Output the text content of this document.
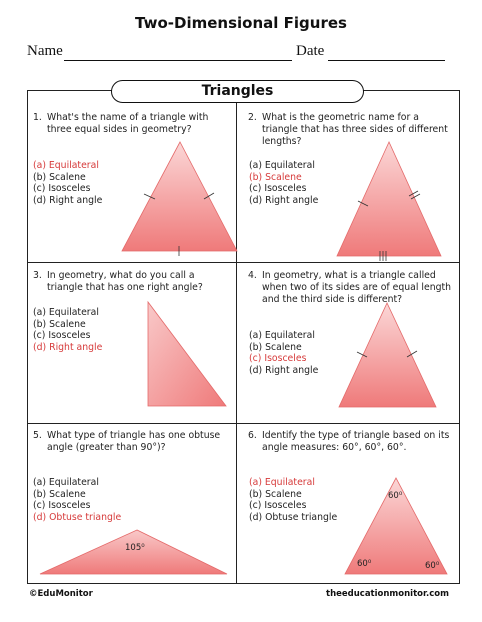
Two-Dimensional Figures
Name	Date
Triangles
1. What's the name of a triangle with three equal sides in geometry?
(a) Equilateral
(b) Scalene
(c) Isosceles
(d) Right angle
2. What is the geometric name for a triangle that has three sides of different lengths?
(a) Equilateral
(b) Scalene
(c) Isosceles
(d) Right angle
3. In geometry, what do you call a triangle that has one right angle?
(a) Equilateral
(b) Scalene
(c) Isosceles
(d) Right angle
4. In geometry, what is a triangle called when two of its sides are of equal length and the third side is different?
(a) Equilateral
(b) Scalene
(c) Isosceles
(d) Right angle
5. What type of triangle has one obtuse angle (greater than 90°)?
(a) Equilateral
(b) Scalene
(c) Isosceles
(d) Obtuse triangle
105⁰
6. Identify the type of triangle based on its angle measures: 60°, 60°, 60°.
(a) Equilateral
(b) Scalene
(c) Isosceles
(d) Obtuse triangle
60⁰
60⁰	60⁰
©EduMonitor	theeducationmonitor.com
